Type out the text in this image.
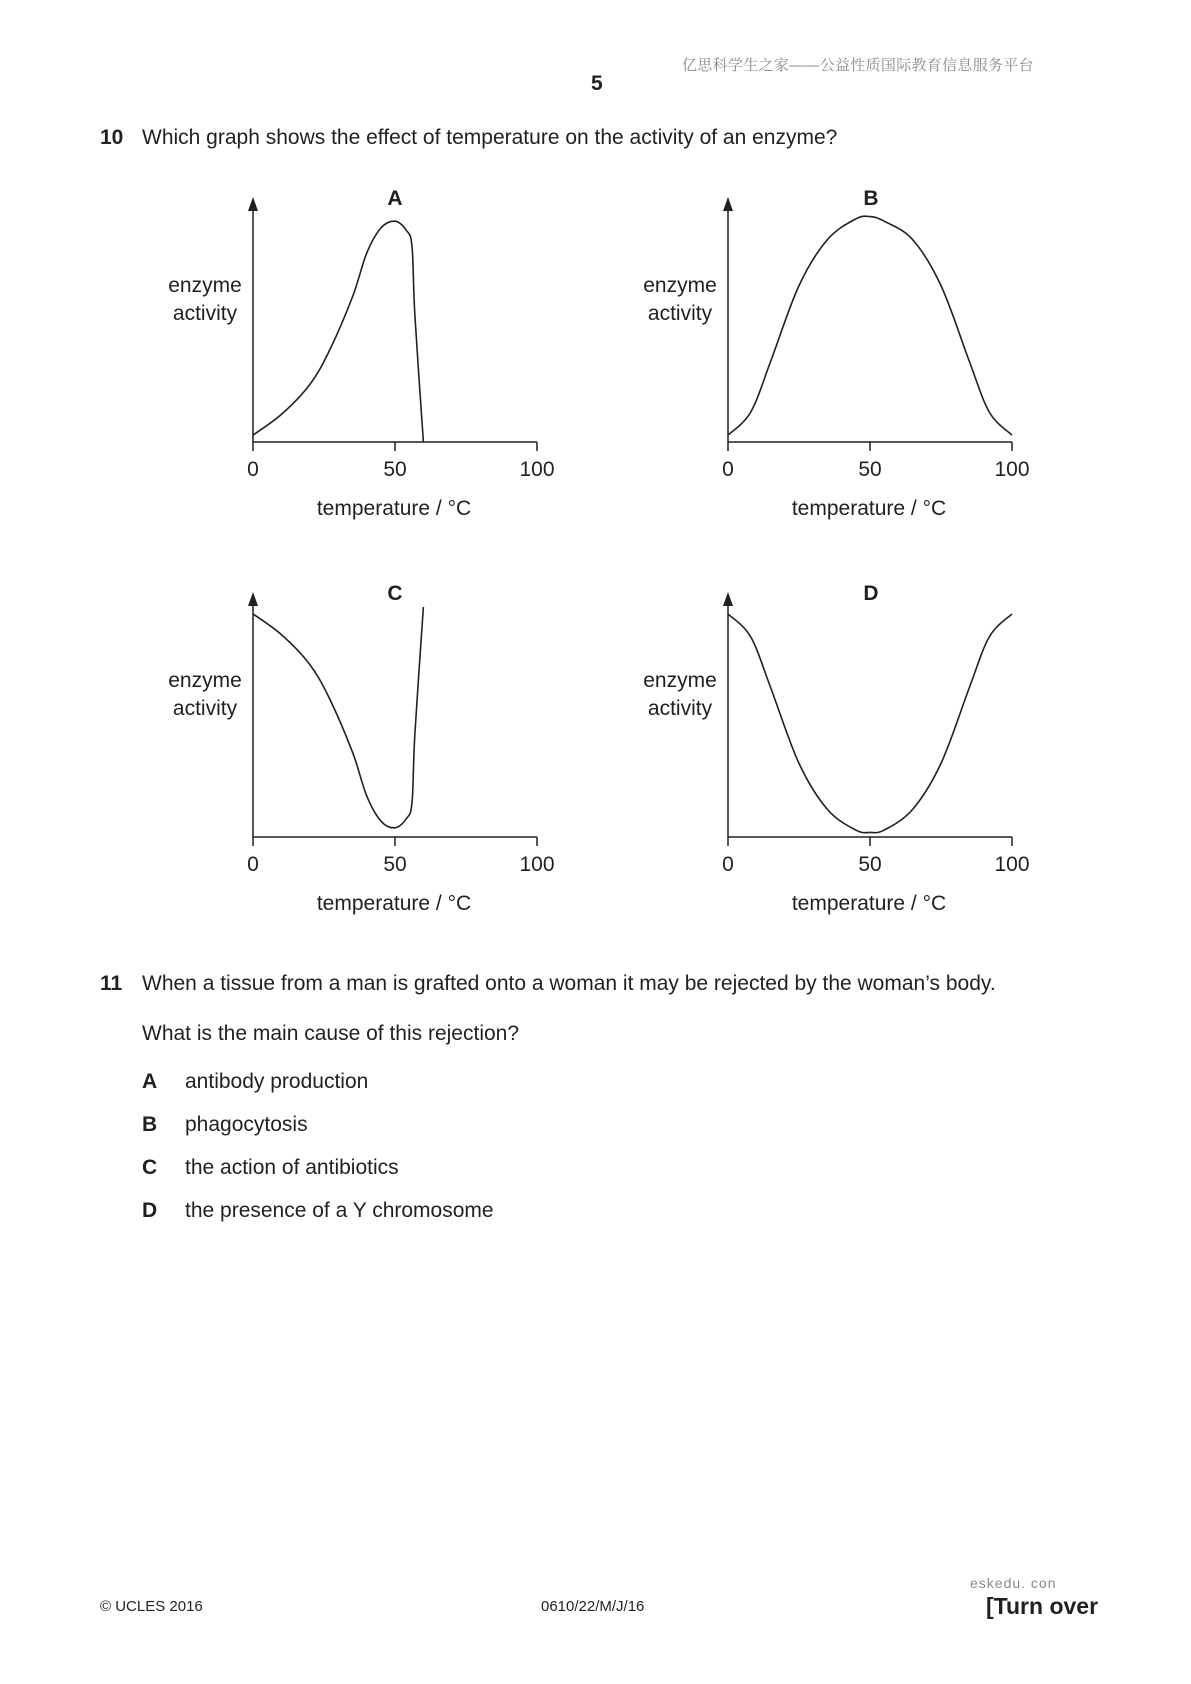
亿思科学生之家——公益性质国际教育信息服务平台
5
10 Which graph shows the effect of temperature on the activity of an enzyme?
0	50	100
A
enzyme
activity
temperature / °C
0	50	100
B
enzyme
activity
temperature / °C
0	50	100
C
enzyme
activity
temperature / °C
0	50	100
D
enzyme
activity
temperature / °C
11 When a tissue from a man is grafted onto a woman it may be rejected by the woman’s body.
What is the main cause of this rejection?
A antibody production
B phagocytosis
C the action of antibiotics
D the presence of a Y chromosome
eskedu. con
© UCLES 2016	0610/22/M/J/16	[Turn over
